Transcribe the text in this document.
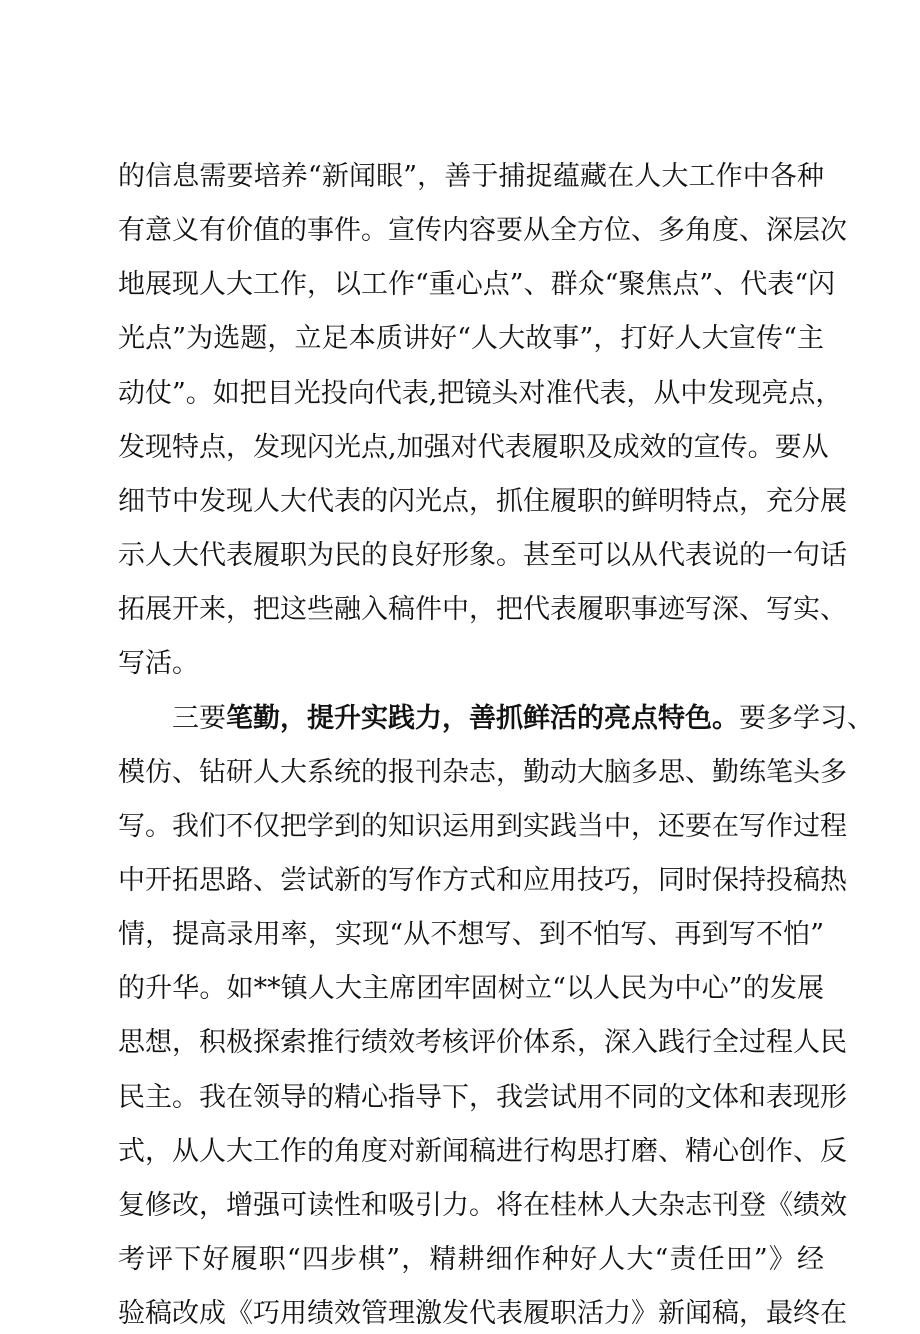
的信息需要培养“新闻眼”，善于捕捉蕴藏在人大工作中各种
有意义有价值的事件。宣传内容要从全方位、多角度、深层次
地展现人大工作，以工作“重心点”、群众“聚焦点”、代表“闪
光点”为选题，立足本质讲好“人大故事”，打好人大宣传“主
动仗”。如把目光投向代表,把镜头对准代表，从中发现亮点，
发现特点，发现闪光点,加强对代表履职及成效的宣传。要从
细节中发现人大代表的闪光点，抓住履职的鲜明特点，充分展
示人大代表履职为民的良好形象。甚至可以从代表说的一句话
拓展开来，把这些融入稿件中，把代表履职事迹写深、写实、
写活。
三要笔勤，提升实践力，善抓鲜活的亮点特色。要多学习、
模仿、钻研人大系统的报刊杂志，勤动大脑多思、勤练笔头多
写。我们不仅把学到的知识运用到实践当中，还要在写作过程
中开拓思路、尝试新的写作方式和应用技巧，同时保持投稿热
情，提高录用率，实现“从不想写、到不怕写、再到写不怕”
的升华。如**镇人大主席团牢固树立“以人民为中心”的发展
思想，积极探索推行绩效考核评价体系，深入践行全过程人民
民主。我在领导的精心指导下，我尝试用不同的文体和表现形
式，从人大工作的角度对新闻稿进行构思打磨、精心创作、反
复修改，增强可读性和吸引力。将在桂林人大杂志刊登《绩效
考评下好履职“四步棋”，精耕细作种好人大“责任田”》经
验稿改成《巧用绩效管理激发代表履职活力》新闻稿，最终在
